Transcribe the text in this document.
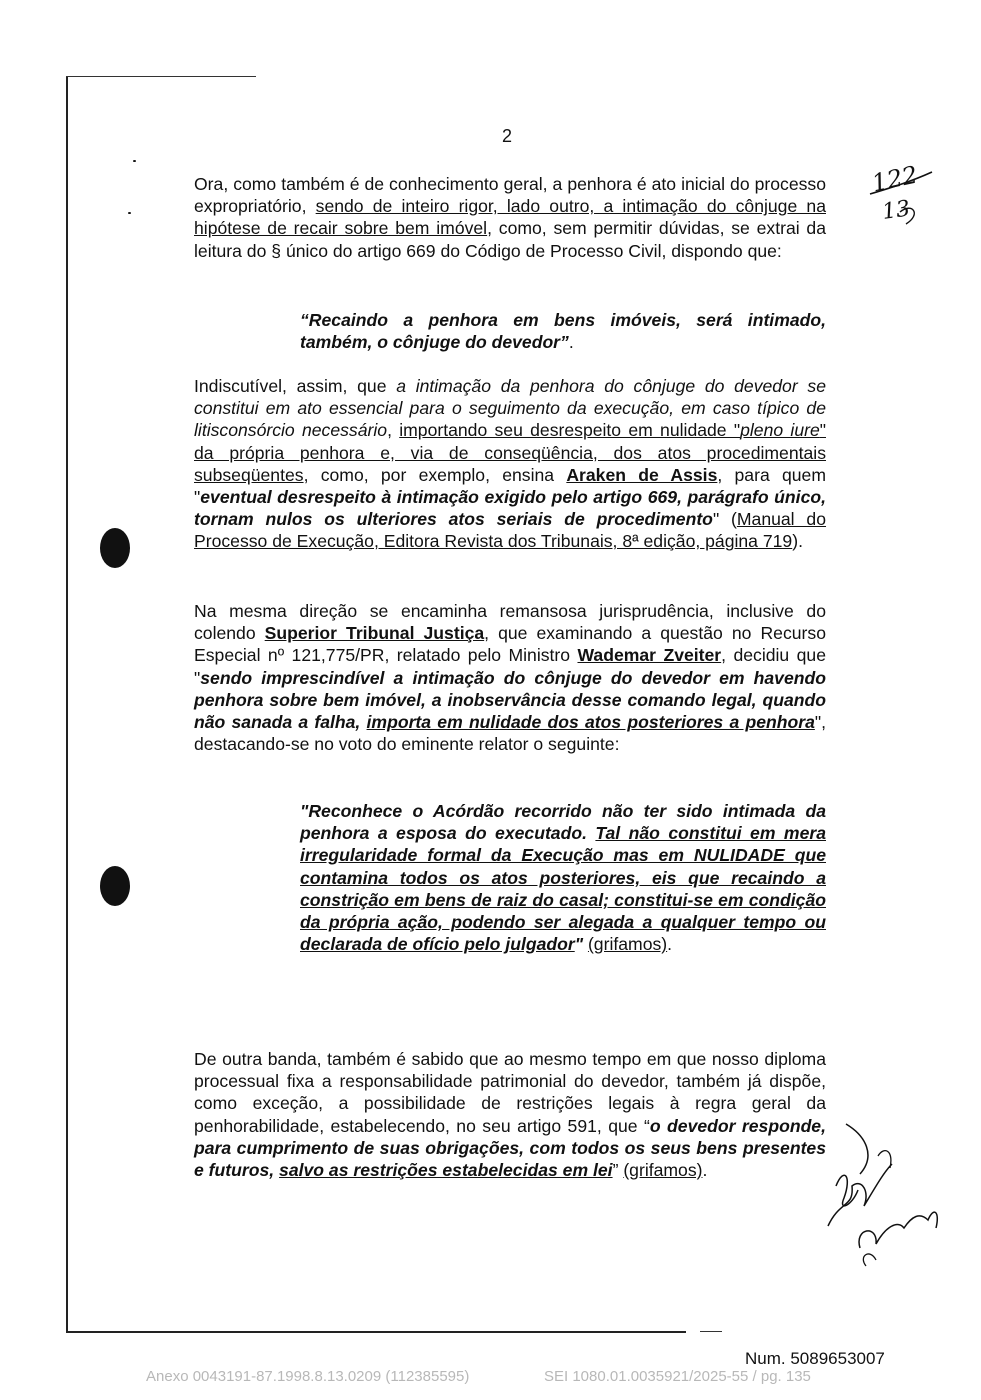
2

Ora, como também é de conhecimento geral, a penhora é ato inicial do processo expropriatório, sendo de inteiro rigor, lado outro, a intimação do cônjuge na hipótese de recair sobre bem imóvel, como, sem permitir dúvidas, se extrai da leitura do § único do artigo 669 do Código de Processo Civil, dispondo que:

“Recaindo a penhora em bens imóveis, será intimado, também, o cônjuge do devedor”.

Indiscutível, assim, que a intimação da penhora do cônjuge do devedor se constitui em ato essencial para o seguimento da execução, em caso típico de litisconsórcio necessário, importando seu desrespeito em nulidade "pleno iure" da própria penhora e, via de conseqüência, dos atos procedimentais subseqüentes, como, por exemplo, ensina Araken de Assis, para quem "eventual desrespeito à intimação exigido pelo artigo 669, parágrafo único, tornam nulos os ulteriores atos seriais de procedimento" (Manual do Processo de Execução, Editora Revista dos Tribunais, 8ª edição, página 719).

Na mesma direção se encaminha remansosa jurisprudência, inclusive do colendo Superior Tribunal Justiça, que examinando a questão no Recurso Especial nº 121,775/PR, relatado pelo Ministro Wademar Zveiter, decidiu que "sendo imprescindível a intimação do cônjuge do devedor em havendo penhora sobre bem imóvel, a inobservância desse comando legal, quando não sanada a falha, importa em nulidade dos atos posteriores a penhora", destacando-se no voto do eminente relator o seguinte:

"Reconhece o Acórdão recorrido não ter sido intimada da penhora a esposa do executado. Tal não constitui em mera irregularidade formal da Execução mas em NULIDADE que contamina todos os atos posteriores, eis que recaindo a constrição em bens de raiz do casal; constitui-se em condição da própria ação, podendo ser alegada a qualquer tempo ou declarada de ofício pelo julgador" (grifamos).

De outra banda, também é sabido que ao mesmo tempo em que nosso diploma processual fixa a responsabilidade patrimonial do devedor, também já dispõe, como exceção, a possibilidade de restrições legais à regra geral da penhorabilidade, estabelecendo, no seu artigo 591, que “o devedor responde, para cumprimento de suas obrigações, com todos os seus bens presentes e futuros, salvo as restrições estabelecidas em lei” (grifamos).

122
13
Num. 5089653007
Anexo 0043191-87.1998.8.13.0209 (112385595)	SEI 1080.01.0035921/2025-55 / pg. 135
